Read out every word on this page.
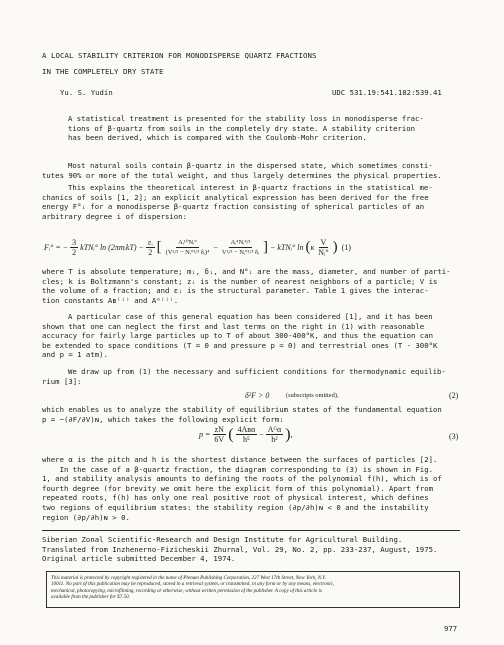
A LOCAL STABILITY CRITERION FOR MONODISPERSE QUARTZ FRACTIONS
IN THE COMPLETELY DRY STATE
Yu. S. Yudin	UDC 531.19:541.182:539.41
A statistical treatment is presented for the stability loss in monodisperse frac-
tions of β-quartz from soils in the completely dry state. A stability criterion
has been derived, which is compared with the Coulomb-Mohr criterion.
Most natural soils contain β-quartz in the dispersed state, which sometimes consti-
tutes 90% or more of the total weight, and thus largely determines the physical properties.
This explains the theoretical interest in β-quartz fractions in the statistical me-
chanics of soils [1, 2]; an explicit analytical expression has been derived for the free
energy F°ᵢ for a monodisperse β-quartz fraction consisting of spherical particles of an
arbitrary degree i of dispersion:
Fᵢ° = − $\frac{3}{2}$ kTNᵢ° ln (2πmᵢkT) − $\frac{\text{εᵢ}}{2}$ [ $\frac{\text{Aᵢ¹⁰Nᵢ°}}{\text{(V¹/³ − Nᵢ°¹/³ δᵢ)⁴}} - \frac{\text{Aᵢ⁴Nᵢ⁴/³}}{\text{V¹/³ − Nᵢ°¹/³ δᵢ}}$ ] − kTNᵢ° ln ( κ $\frac{V}{\text{Nᵢ°}}$ ) (1)
where T is absolute temperature; mᵢ, δᵢ, and N°ᵢ are the mass, diameter, and number of parti-
cles; k is Boltzmann's constant; zᵢ is the number of nearest neighbors of a particle; V is
the volume of a fraction; and εᵢ is the structural parameter. Table 1 gives the interac-
tion constants Aʙ⁽ⁱ⁾ and Aᴳ⁽ⁱ⁾.
A particular case of this general equation has been considered [1], and it has been
shown that one can neglect the first and last terms on the right in (1) with reasonable
accuracy for fairly large particles up to T of about 300-400°K, and thus the equation can
be extended to space conditions (T = 0 and pressure p = 0) and terrestrial ones (T - 300°K
and p = 1 atm).
We draw up from (1) the necessary and sufficient conditions for thermodynamic equilib-
rium [3]:
δ²F > 0	(subscripts omitted),	(2)
which enables us to analyze the stability of equilibrium states of the fundamental equation
p = −(∂F/∂V)ɴ, which takes the following explicit form:
$p = \frac{zN}{6V}$ ( $\frac{\text{4Aʙα}}{\text{h⁵}} - \frac{\text{Aᴳα}}{\text{h²}}$ ) ,	(3)
where α is the pitch and h is the shortest distance between the surfaces of particles [2].
In the case of a β-quartz fraction, the diagram corresponding to (3) is shown in Fig.
1, and stability analysis amounts to defining the roots of the polynomial f(h), which is of
fourth degree (for brevity we omit here the explicit form of this polynomial). Apart from
repeated roots, f(h) has only one real positive root of physical interest, which defines
two regions of equilibrium states: the stability region (∂p/∂h)ɴ < 0 and the instability
region (∂p/∂h)ɴ > 0.
Siberian Zonal Scientific-Research and Design Institute for Agricultural Building.
Translated from Inzhenerno-Fizicheskii Zhurnal, Vol. 29, No. 2, pp. 233-237, August, 1975.
Original article submitted December 4, 1974.
This material is protected by copyright registered in the name of Plenum Publishing Corporation, 227 West 17th Street, New York, N.Y.
10011. No part of this publication may be reproduced, stored in a retrieval system, or transmitted, in any form or by any means, electronic,
mechanical, photocopying, microfilming, recording or otherwise, without written permission of the publisher. A copy of this article is
available from the publisher for $7.50.
977
